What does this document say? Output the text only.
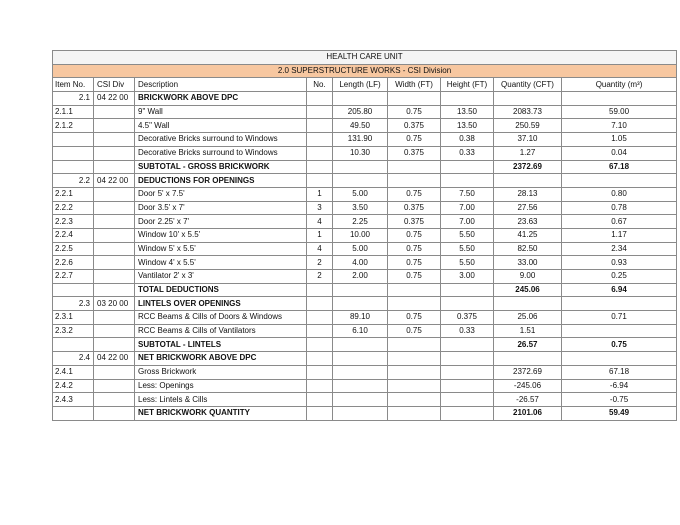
HEALTH CARE UNIT								
2.0 SUPERSTRUCTURE WORKS - CSI Division								
Item No.	CSI Div	Description	No.	Length (LF)	Width (FT)	Height (FT)	Quantity (CFT)	Quantity (m³)
2.1	04 22 00	BRICKWORK ABOVE DPC						
2.1.1		9" Wall		205.80	0.75	13.50	2083.73	59.00
2.1.2		4.5" Wall		49.50	0.375	13.50	250.59	7.10
		Decorative Bricks surround to Windows		131.90	0.75	0.38	37.10	1.05
		Decorative Bricks surround to Windows		10.30	0.375	0.33	1.27	0.04
		SUBTOTAL - GROSS BRICKWORK					2372.69	67.18
2.2	04 22 00	DEDUCTIONS FOR OPENINGS						
2.2.1		Door 5' x 7.5'	1	5.00	0.75	7.50	28.13	0.80
2.2.2		Door 3.5' x 7'	3	3.50	0.375	7.00	27.56	0.78
2.2.3		Door 2.25' x 7'	4	2.25	0.375	7.00	23.63	0.67
2.2.4		Window 10' x 5.5'	1	10.00	0.75	5.50	41.25	1.17
2.2.5		Window 5' x 5.5'	4	5.00	0.75	5.50	82.50	2.34
2.2.6		Window 4' x 5.5'	2	4.00	0.75	5.50	33.00	0.93
2.2.7		Vantilator 2' x 3'	2	2.00	0.75	3.00	9.00	0.25
		TOTAL DEDUCTIONS					245.06	6.94
2.3	03 20 00	LINTELS OVER OPENINGS						
2.3.1		RCC Beams & Cills of Doors & Windows		89.10	0.75	0.375	25.06	0.71
2.3.2		RCC Beams & Cills of Vantilators		6.10	0.75	0.33	1.51	
		SUBTOTAL - LINTELS					26.57	0.75
2.4	04 22 00	NET BRICKWORK ABOVE DPC						
2.4.1		Gross Brickwork					2372.69	67.18
2.4.2		Less: Openings					-245.06	-6.94
2.4.3		Less: Lintels & Cills					-26.57	-0.75
		NET BRICKWORK QUANTITY					2101.06	59.49
